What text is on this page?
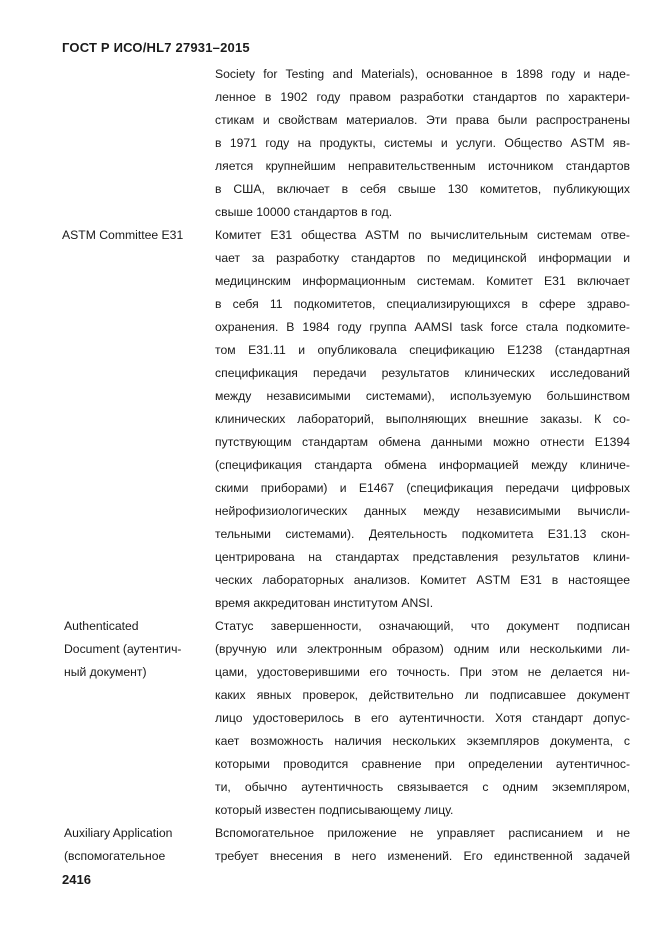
ГОСТ Р ИСО/HL7 27931–2015
Society for Testing and Materials), основанное в 1898 году и наде-
ленное в 1902 году правом разработки стандартов по характери-
стикам и свойствам материалов. Эти права были распространены
в 1971 году на продукты, системы и услуги. Общество ASTM яв-
ляется крупнейшим неправительственным источником стандартов
в США, включает в себя свыше 130 комитетов, публикующих
свыше 10000 стандартов в год.
ASTM Committee E31	Комитет E31 общества ASTM по вычислительным системам отве-
чает за разработку стандартов по медицинской информации и
медицинским информационным системам. Комитет E31 включает
в себя 11 подкомитетов, специализирующихся в сфере здраво-
охранения. В 1984 году группа AAMSI task force стала подкомите-
том E31.11 и опубликовала спецификацию E1238 (стандартная
спецификация передачи результатов клинических исследований
между независимыми системами), используемую большинством
клинических лабораторий, выполняющих внешние заказы. К со-
путствующим стандартам обмена данными можно отнести E1394
(спецификация стандарта обмена информацией между клиниче-
скими приборами) и E1467 (спецификация передачи цифровых
нейрофизиологических данных между независимыми вычисли-
тельными системами). Деятельность подкомитета E31.13 скон-
центрирована на стандартах представления результатов клини-
ческих лабораторных анализов. Комитет ASTM E31 в настоящее
время аккредитован институтом ANSI.
Authenticated
Document (аутентич-
ный документ)
Статус завершенности, означающий, что документ подписан
(вручную или электронным образом) одним или несколькими ли-
цами, удостоверившими его точность. При этом не делается ни-
каких явных проверок, действительно ли подписавшее документ
лицо удостоверилось в его аутентичности. Хотя стандарт допус-
кает возможность наличия нескольких экземпляров документа, с
которыми проводится сравнение при определении аутентичнос-
ти, обычно аутентичность связывается с одним экземпляром,
который известен подписывающему лицу.
Auxiliary Application
(вспомогательное
Вспомогательное приложение не управляет расписанием и не
требует внесения в него изменений. Его единственной задачей
2416
